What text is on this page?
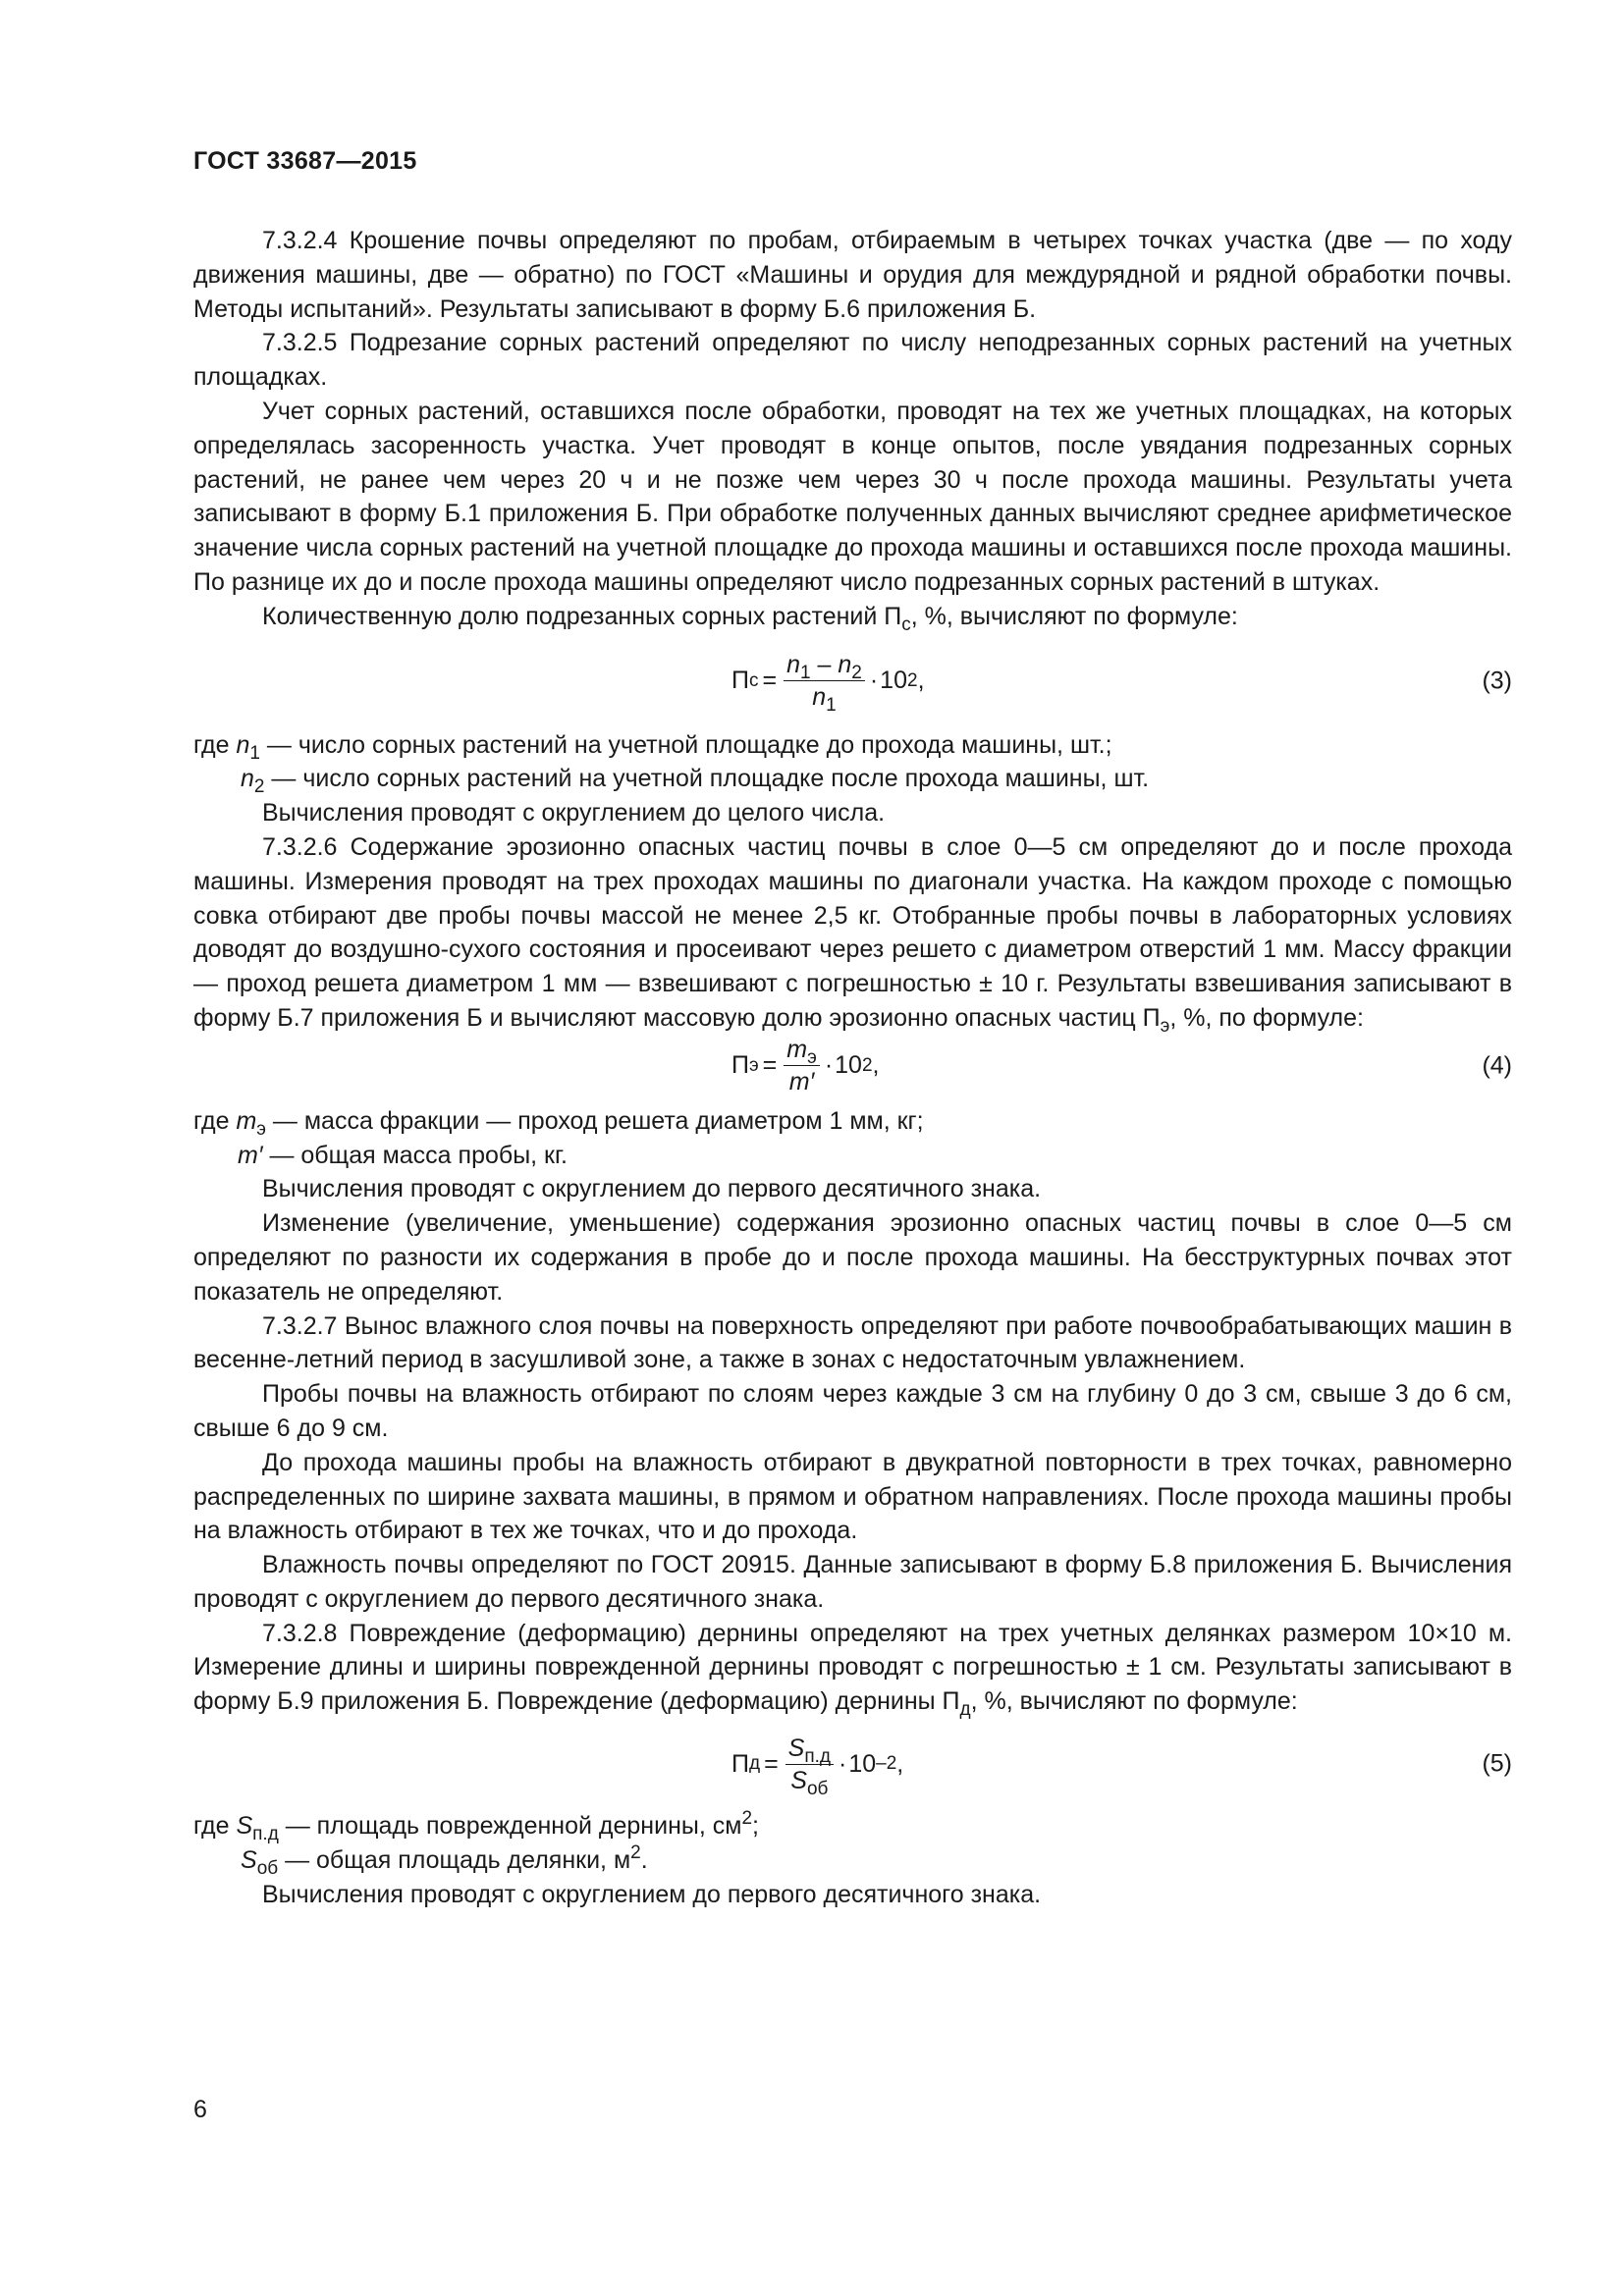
ГОСТ 33687—2015

7.3.2.4 Крошение почвы определяют по пробам, отбираемым в четырех точках участка (две — по ходу движения машины, две — обратно) по ГОСТ «Машины и орудия для междурядной и рядной обработки почвы. Методы испытаний». Результаты записывают в форму Б.6 приложения Б.

7.3.2.5 Подрезание сорных растений определяют по числу неподрезанных сорных растений на учетных площадках.

Учет сорных растений, оставшихся после обработки, проводят на тех же учетных площадках, на которых определялась засоренность участка. Учет проводят в конце опытов, после увядания подрезанных сорных растений, не ранее чем через 20 ч и не позже чем через 30 ч после прохода машины. Результаты учета записывают в форму Б.1 приложения Б. При обработке полученных данных вычисляют среднее арифметическое значение числа сорных растений на учетной площадке до прохода машины и оставшихся после прохода машины. По разнице их до и после прохода машины определяют число подрезанных сорных растений в штуках.

Количественную долю подрезанных сорных растений $П_с$, %, вычисляют по формуле:

П $с = \frac{n_1 - n_2}{n_1} \cdot 10$ 2 ,	(3)

где $n_1$ — число сорных растений на учетной площадке до прохода машины, шт.;

$n_2$ — число сорных растений на учетной площадке после прохода машины, шт.

Вычисления проводят с округлением до целого числа.

7.3.2.6 Содержание эрозионно опасных частиц почвы в слое 0—5 см определяют до и после прохода машины. Измерения проводят на трех проходах машины по диагонали участка. На каждом проходе с помощью совка отбирают две пробы почвы массой не менее 2,5 кг. Отобранные пробы почвы в лабораторных условиях доводят до воздушно-сухого состояния и просеивают через решето с диаметром отверстий 1 мм. Массу фракции — проход решета диаметром 1 мм — взвешивают с погрешностью ± 10 г. Результаты взвешивания записывают в форму Б.7 приложения Б и вычисляют массовую долю эрозионно опасных частиц $П_э$, %, по формуле:

П $э = \frac{m_э}{m'} \cdot 10$ 2 ,	(4)

где $m_э$ — масса фракции — проход решета диаметром 1 мм, кг;

m′ — общая масса пробы, кг.

Вычисления проводят с округлением до первого десятичного знака.

Изменение (увеличение, уменьшение) содержания эрозионно опасных частиц почвы в слое 0—5 см определяют по разности их содержания в пробе до и после прохода машины. На бесструктурных почвах этот показатель не определяют.

7.3.2.7 Вынос влажного слоя почвы на поверхность определяют при работе почвообрабатывающих машин в весенне-летний период в засушливой зоне, а также в зонах с недостаточным увлажнением.

Пробы почвы на влажность отбирают по слоям через каждые 3 см на глубину 0 до 3 см, свыше 3 до 6 см, свыше 6 до 9 см.

До прохода машины пробы на влажность отбирают в двукратной повторности в трех точках, равномерно распределенных по ширине захвата машины, в прямом и обратном направлениях. После прохода машины пробы на влажность отбирают в тех же точках, что и до прохода.

Влажность почвы определяют по ГОСТ 20915. Данные записывают в форму Б.8 приложения Б. Вычисления проводят с округлением до первого десятичного знака.

7.3.2.8 Повреждение (деформацию) дернины определяют на трех учетных делянках размером 10×10 м. Измерение длины и ширины поврежденной дернины проводят с погрешностью ± 1 см. Результаты записывают в форму Б.9 приложения Б. Повреждение (деформацию) дернины $П_д$, %, вычисляют по формуле:

П $д = \frac{S_{п.д}}{S_{об}} \cdot 10$ –2 ,	(5)

где $S_{п.д}$ — площадь поврежденной дернины, $см^2$;

$S_{об}$ — общая площадь делянки, $м^2$.

Вычисления проводят с округлением до первого десятичного знака.

6
